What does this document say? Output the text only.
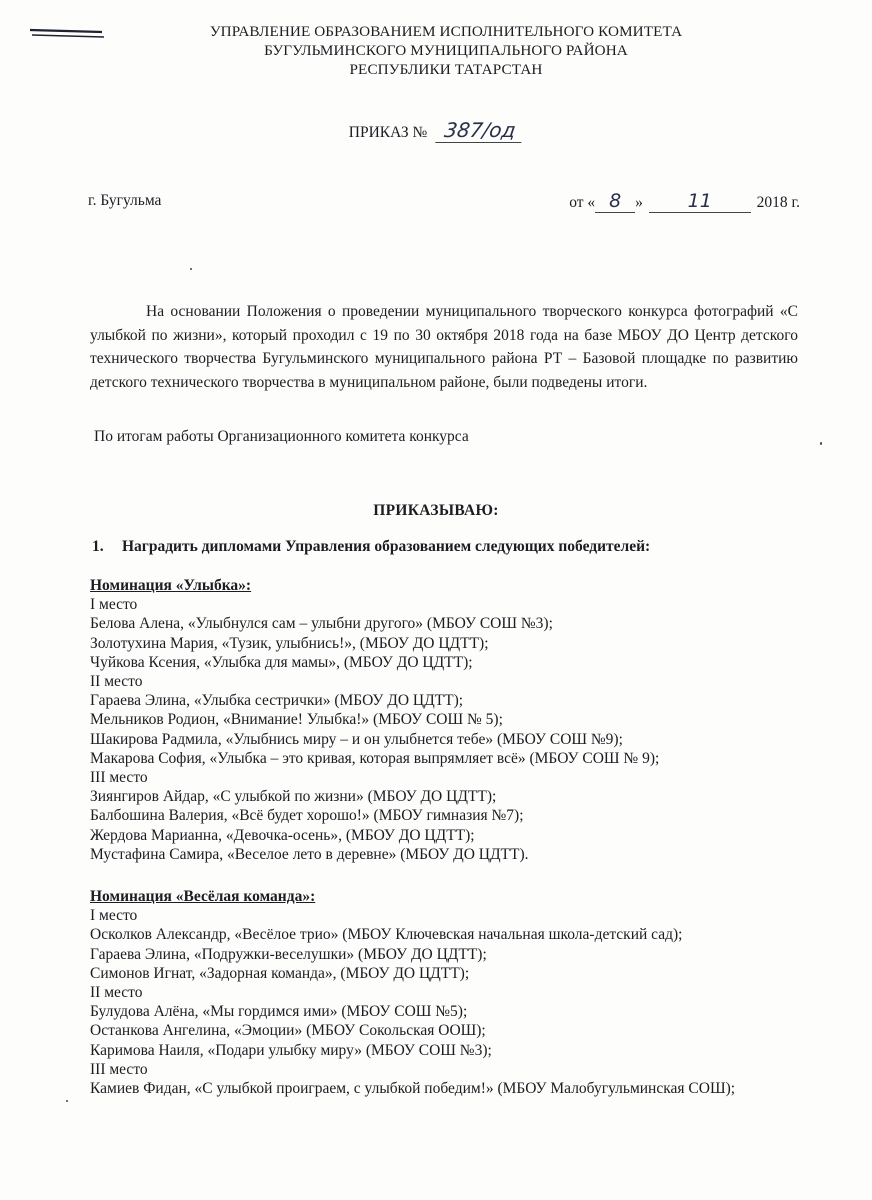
УПРАВЛЕНИЕ ОБРАЗОВАНИЕМ ИСПОЛНИТЕЛЬНОГО КОМИТЕТА
БУГУЛЬМИНСКОГО МУНИЦИПАЛЬНОГО РАЙОНА
РЕСПУБЛИКИ ТАТАРСТАН
ПРИКАЗ № 387/од
г. Бугульма	от « 8 » 11	2018 г.
На основании Положения о проведении муниципального творческого конкурса фотографий «С улыбкой по жизни», который проходил с 19 по 30 октября 2018 года на базе МБОУ ДО Центр детского технического творчества Бугульминского муниципального района РТ – Базовой площадке по развитию детского технического творчества в муниципальном районе, были подведены итоги.
По итогам работы Организационного комитета конкурса
ПРИКАЗЫВАЮ:
1. Наградить дипломами Управления образованием следующих победителей:
Номинация «Улыбка»:
I место
Белова Алена, «Улыбнулся сам – улыбни другого» (МБОУ СОШ №3);
Золотухина Мария, «Тузик, улыбнись!», (МБОУ ДО ЦДТТ);
Чуйкова Ксения, «Улыбка для мамы», (МБОУ ДО ЦДТТ);
II место
Гараева Элина, «Улыбка сестрички» (МБОУ ДО ЦДТТ);
Мельников Родион, «Внимание! Улыбка!» (МБОУ СОШ № 5);
Шакирова Радмила, «Улыбнись миру – и он улыбнется тебе» (МБОУ СОШ №9);
Макарова София, «Улыбка – это кривая, которая выпрямляет всё» (МБОУ СОШ № 9);
III место
Зиянгиров Айдар, «С улыбкой по жизни» (МБОУ ДО ЦДТТ);
Балбошина Валерия, «Всё будет хорошо!» (МБОУ гимназия №7);
Жердова Марианна, «Девочка-осень», (МБОУ ДО ЦДТТ);
Мустафина Самира, «Веселое лето в деревне» (МБОУ ДО ЦДТТ).
Номинация «Весёлая команда»:
I место
Осколков Александр, «Весёлое трио» (МБОУ Ключевская начальная школа-детский сад);
Гараева Элина, «Подружки-веселушки» (МБОУ ДО ЦДТТ);
Симонов Игнат, «Задорная команда», (МБОУ ДО ЦДТТ);
II место
Булудова Алёна, «Мы гордимся ими» (МБОУ СОШ №5);
Останкова Ангелина, «Эмоции» (МБОУ Сокольская ООШ);
Каримова Наиля, «Подари улыбку миру» (МБОУ СОШ №3);
III место
Камиев Фидан, «С улыбкой проиграем, с улыбкой победим!» (МБОУ Малобугульминская СОШ);
